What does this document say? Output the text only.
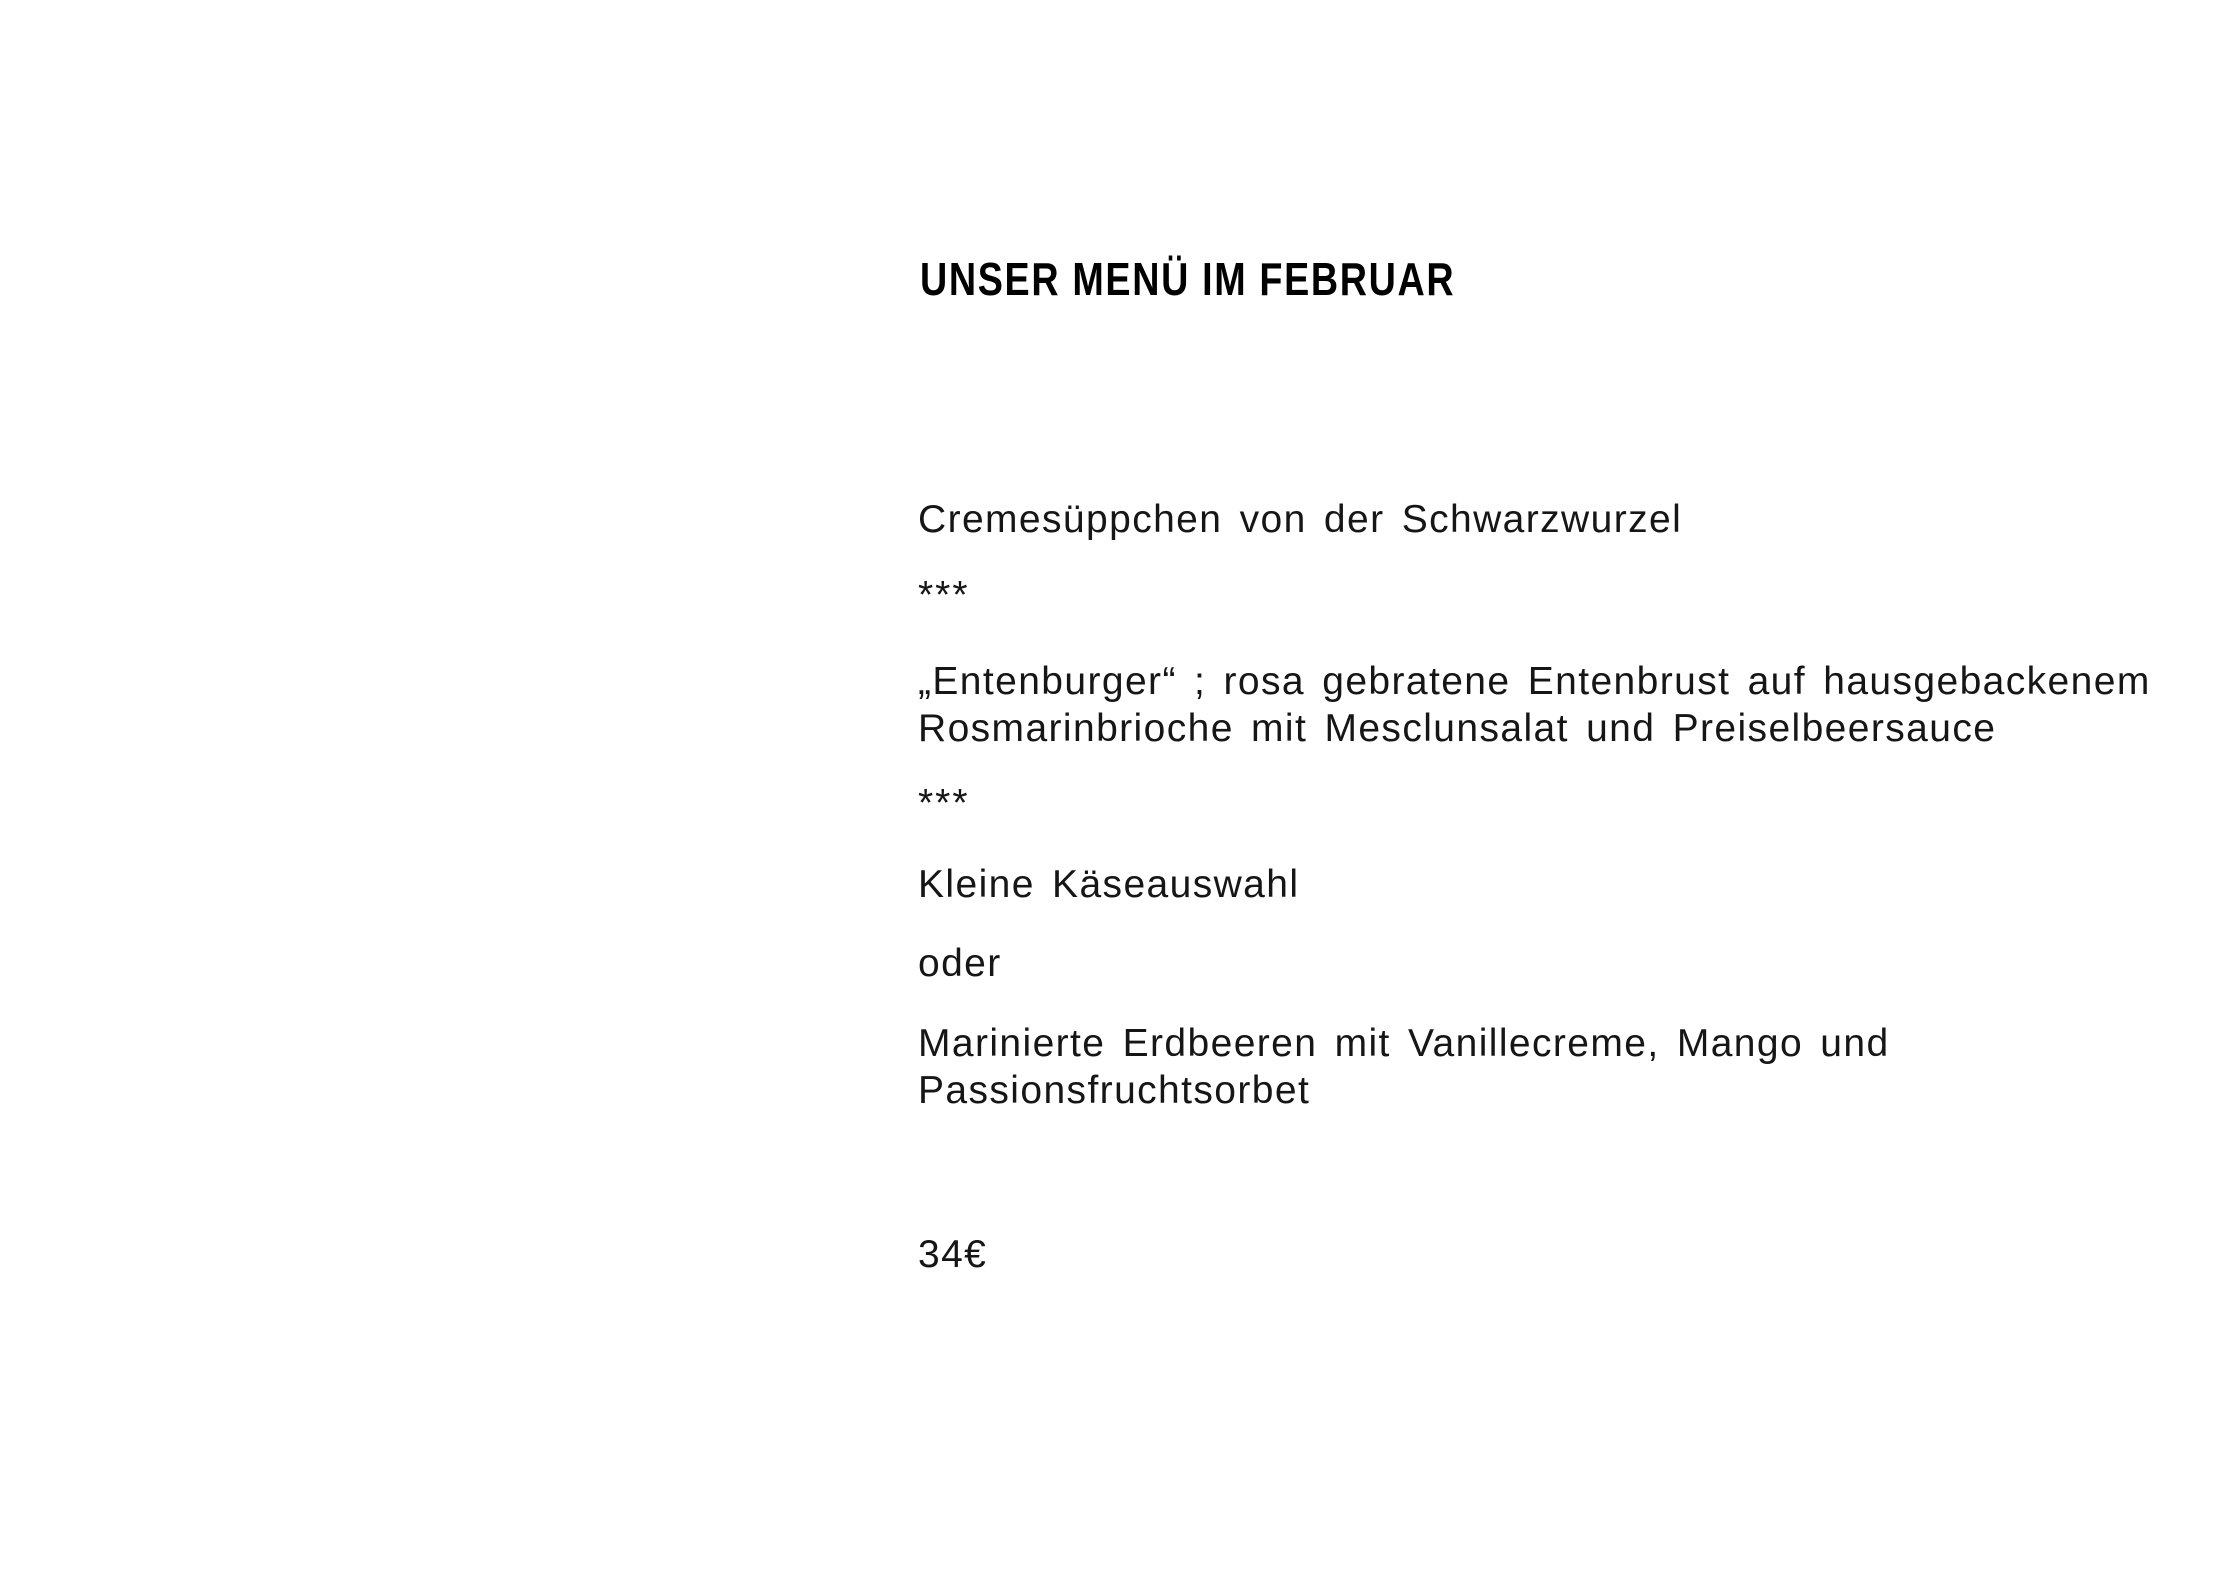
UNSER MENÜ IM FEBRUAR
Cremesüppchen von der Schwarzwurzel
***
„Entenburger“ ; rosa gebratene Entenbrust auf hausgebackenem
Rosmarinbrioche mit Mesclunsalat und Preiselbeersauce
***
Kleine Käseauswahl
oder
Marinierte Erdbeeren mit Vanillecreme, Mango und
Passionsfruchtsorbet
34€
